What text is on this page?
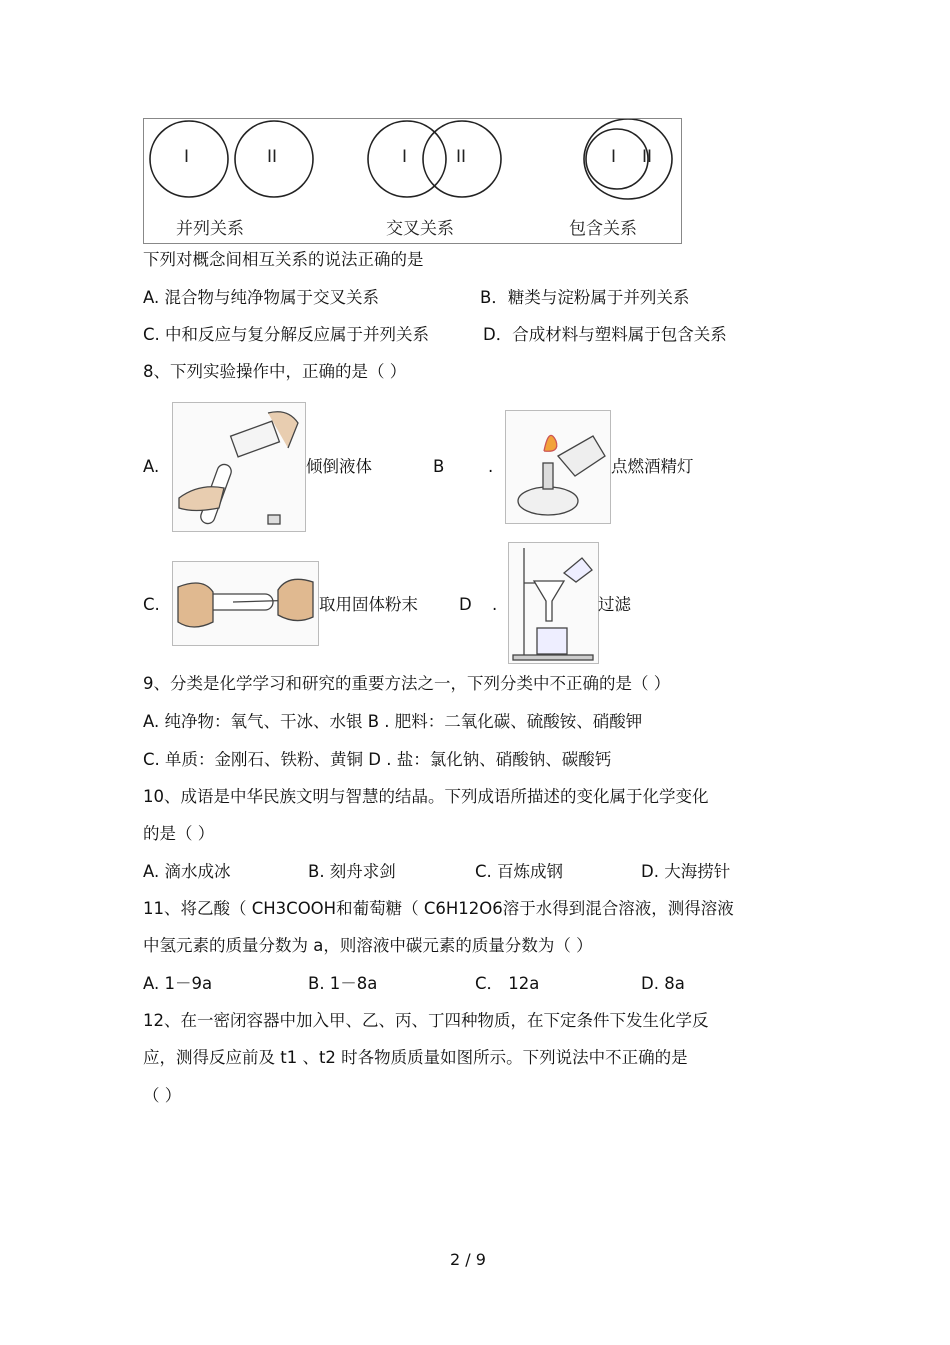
I	II	I	II	I II
并列关系	交叉关系	包含关系
下列对概念间相互关系的说法正确的是
A. 混合物与纯净物属于交叉关系	B．糖类与淀粉属于并列关系
C. 中和反应与复分解反应属于并列关系	D．合成材料与塑料属于包含关系
8、下列实验操作中，正确的是（ ）
A.	倾倒液体	B	.	点燃酒精灯
C.	取用固体粉末 D .	过滤
9、分类是化学学习和研究的重要方法之一，下列分类中不正确的是（ ）
A. 纯净物：氧气、干冰、水银 B . 肥料：二氧化碳、硫酸铵、硝酸钾
C. 单质：金刚石、铁粉、黄铜 D . 盐：氯化钠、硝酸钠、碳酸钙
10、成语是中华民族文明与智慧的结晶。下列成语所描述的变化属于化学变化
的是（ ）
A. 滴水成冰	B. 刻舟求剑	C. 百炼成钢	D. 大海捞针
11、将乙酸（ CH3COOH和葡萄糖（ C6H12O6溶于水得到混合溶液，测得溶液
中氢元素的质量分数为 a，则溶液中碳元素的质量分数为（ ）
A. 1－9a	B. 1－8a	C． 12a	D. 8a
12、在一密闭容器中加入甲、乙、丙、丁四种物质，在下定条件下发生化学反
应，测得反应前及 t1 、t2 时各物质质量如图所示。下列说法中不正确的是
（ ）
2 / 9
